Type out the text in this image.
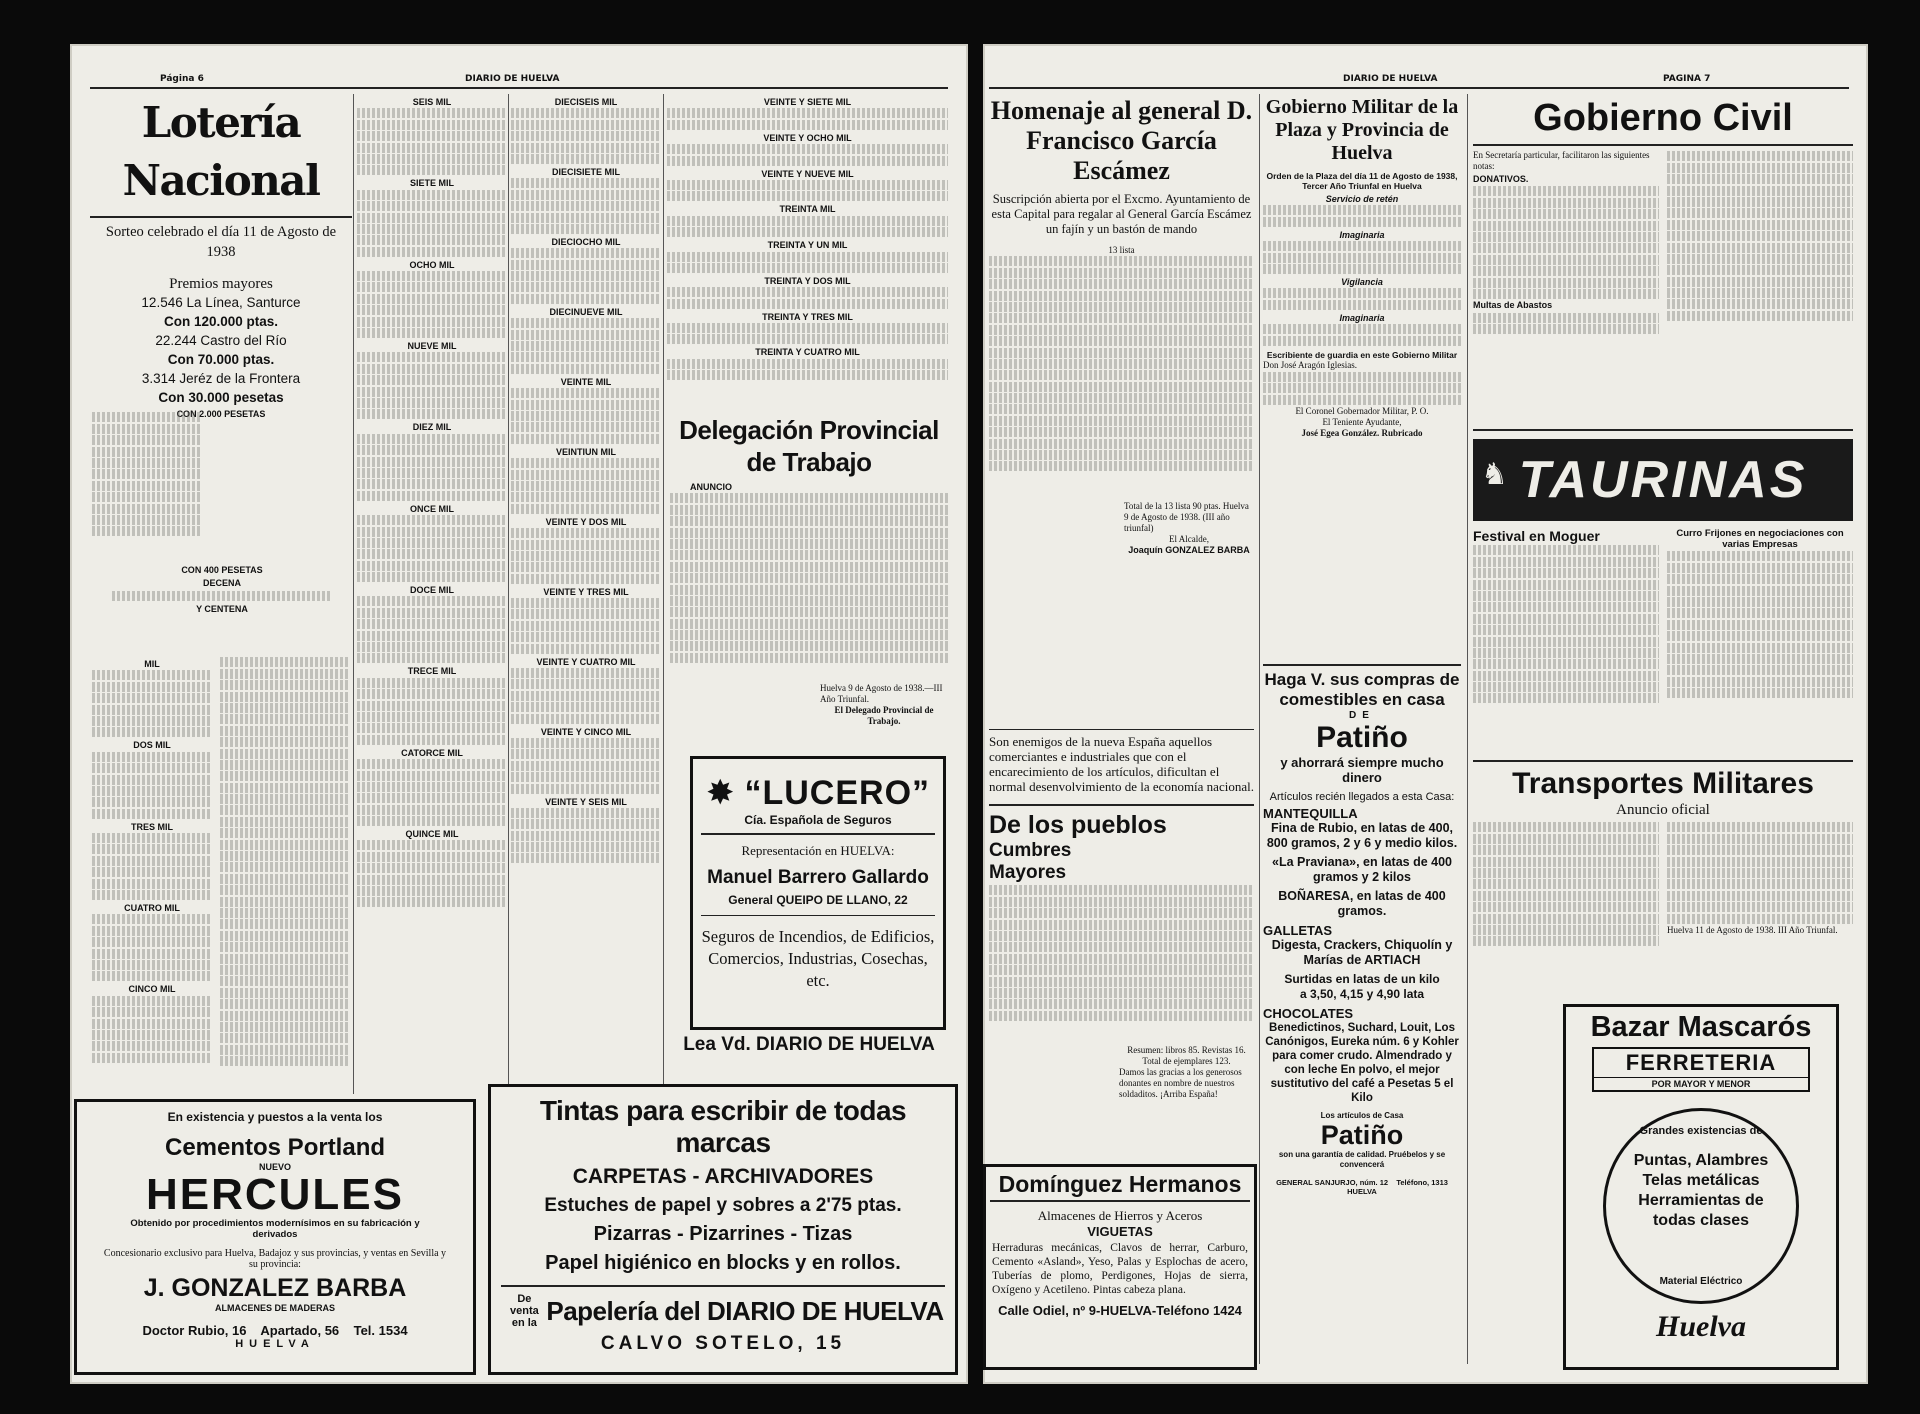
Página 6	DIARIO DE HUELVA
Lotería Nacional
Sorteo celebrado el día 11 de Agosto de 1938
Premios mayores
12.546 La Línea, Santurce
Con 120.000 ptas.
22.244 Castro del Río
Con 70.000 ptas.
3.314 Jeréz de la Frontera
Con 30.000 pesetas
CON 2.000 PESETAS
CON 400 PESETAS
DECENA
Y CENTENA
MIL
DOS MIL
TRES MIL
CUATRO MIL
CINCO MIL
SEIS MIL
SIETE MIL
OCHO MIL
NUEVE MIL
DIEZ MIL
ONCE MIL
DOCE MIL
TRECE MIL
CATORCE MIL
QUINCE MIL
DIECISEIS MIL
DIECISIETE MIL
DIECIOCHO MIL
DIECINUEVE MIL
VEINTE MIL
VEINTIUN MIL
VEINTE Y DOS MIL
VEINTE Y TRES MIL
VEINTE Y CUATRO MIL
VEINTE Y CINCO MIL
VEINTE Y SEIS MIL
VEINTE Y SIETE MIL
VEINTE Y OCHO MIL
VEINTE Y NUEVE MIL
TREINTA MIL
TREINTA Y UN MIL
TREINTA Y DOS MIL
TREINTA Y TRES MIL
TREINTA Y CUATRO MIL
Delegación Provincial de Trabajo
ANUNCIO
Huelva 9 de Agosto de 1938.—III Año Triunfal.
El Delegado Provincial de Trabajo.
✸ “LUCERO”
Cía. Española de Seguros
Representación en HUELVA:
Manuel Barrero Gallardo
General QUEIPO DE LLANO, 22
Seguros de Incendios, de Edificios, Comercios, Industrias, Cosechas, etc.
Lea Vd. DIARIO DE HUELVA
En existencia y puestos a la venta los
Cementos Portland
NUEVO
HERCULES
Obtenido por procedimientos modernísimos en su fabricación y derivados
Concesionario exclusivo para Huelva, Badajoz y sus provincias, y ventas en Sevilla y su provincia:
J. GONZALEZ BARBA
ALMACENES DE MADERAS
Doctor Rubio, 16    Apartado, 56    Tel. 1534
HUELVA
Tintas para escribir de todas marcas
CARPETAS - ARCHIVADORES
Estuches de papel y sobres a 2'75 ptas.
Pizarras - Pizarrines - Tizas
Papel higiénico en blocks y en rollos.
De venta en la Papelería del DIARIO DE HUELVA
CALVO SOTELO, 15
DIARIO DE HUELVA	PAGINA 7
Homenaje al general D. Francisco García Escámez
Suscripción abierta por el Excmo. Ayuntamiento de esta Capital para regalar al General García Escámez un fajín y un bastón de mando
13 lista
Total de la 13 lista 90 ptas. Huelva 9 de Agosto de 1938. (III año triunfal)
El Alcalde,
Joaquín GONZALEZ BARBA
Son enemigos de la nueva España aquellos comerciantes e industriales que con el encarecimiento de los artículos, dificultan el normal desenvolvimiento de la economía nacional.
De los pueblos
Cumbres Mayores
Resumen: libros 85. Revistas 16.
Total de ejemplares 123.
Damos las gracias a los generosos donantes en nombre de nuestros soldaditos. ¡Arriba España!
Domínguez Hermanos
Almacenes de Hierros y Aceros
VIGUETAS
Herraduras mecánicas, Clavos de herrar, Carburo, Cemento «Asland», Yeso, Palas y Esplochas de acero, Tuberías de plomo, Perdigones, Hojas de sierra, Oxígeno y Acetileno. Pintas cabeza plana.
Calle Odiel, nº 9-HUELVA-Teléfono 1424
Gobierno Militar de la Plaza y Provincia de Huelva
Orden de la Plaza del día 11 de Agosto de 1938, Tercer Año Triunfal en Huelva
Servicio de retén
Imaginaria
Vigilancia
Imaginaria
Escribiente de guardia en este Gobierno Militar
Don José Aragón Iglesias.
El Coronel Gobernador Militar, P. O.
El Teniente Ayudante,
José Egea González. Rubricado
Haga V. sus compras de comestibles en casa
DE
Patiño
y ahorrará siempre mucho dinero
Artículos recién llegados a esta Casa:
MANTEQUILLA
Fina de Rubio, en latas de 400, 800 gramos, 2 y 6 y medio kilos.
«La Praviana», en latas de 400 gramos y 2 kilos
BOÑARESA, en latas de 400 gramos.
GALLETAS
Digesta, Crackers, Chiquolín y Marías de ARTIACH
Surtidas en latas de un kilo
a 3,50, 4,15 y 4,90 lata
CHOCOLATES
Benedictinos, Suchard, Louit, Los Canónigos, Eureka núm. 6 y Kohler para comer crudo. Almendrado y con leche En polvo, el mejor sustitutivo del café a Pesetas 5 el Kilo
Los artículos de Casa
Patiño
son una garantía de calidad. Pruébelos y se convencerá
GENERAL SANJURJO, núm. 12    Teléfono, 1313    HUELVA
Gobierno Civil
En Secretaría particular, facilitaron las siguientes notas:
DONATIVOS.
Multas de Abastos
♞ TAURINAS
Festival en Moguer	Curro Frijones en negociaciones con varias Empresas
Transportes Militares
Anuncio oficial
Huelva 11 de Agosto de 1938. III Año Triunfal.
Bazar Mascarós
FERRETERIA
POR MAYOR Y MENOR
Grandes existencias de
Puntas, Alambres Telas metálicas Herramientas de todas clases
Material Eléctrico
Huelva
